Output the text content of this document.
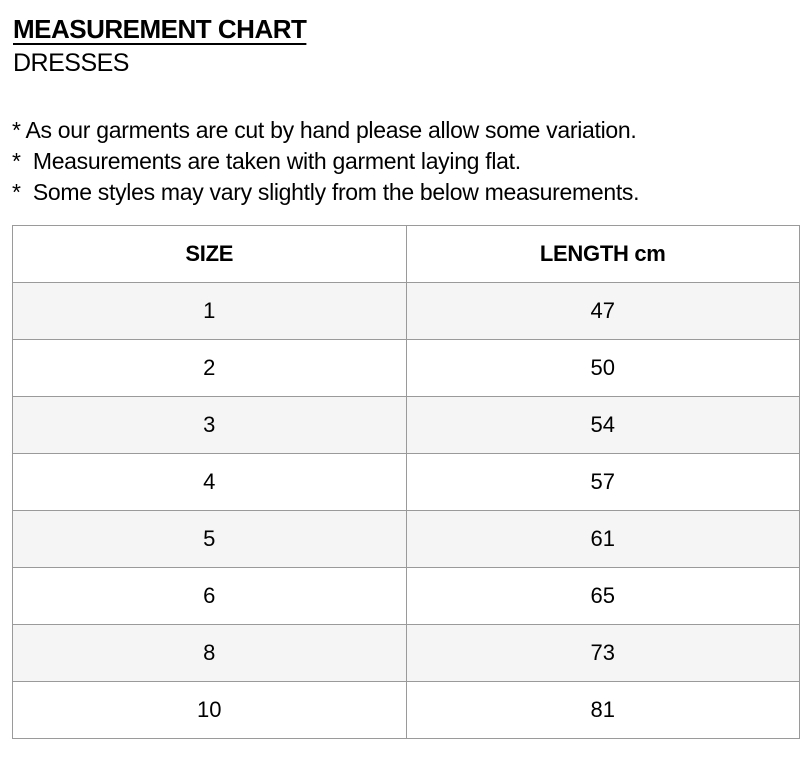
MEASUREMENT CHART
DRESSES
* As our garments are cut by hand please allow some variation.
*  Measurements are taken with garment laying flat.
*  Some styles may vary slightly from the below measurements.
SIZE	LENGTH cm
1	47
2	50
3	54
4	57
5	61
6	65
8	73
10	81
